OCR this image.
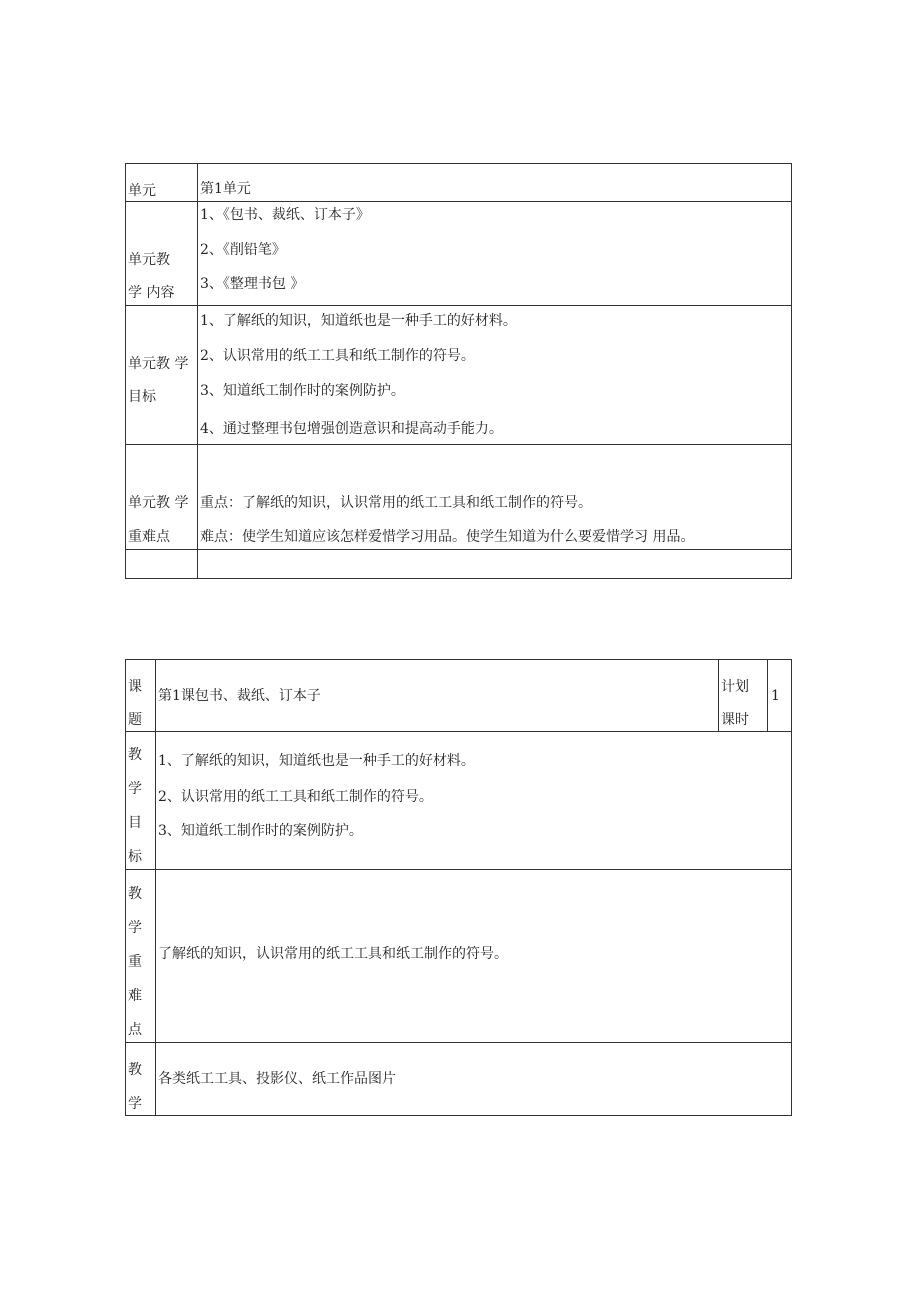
单元	第1单元
单元教
学 内容
1、《包书、裁纸、订本子》
2、《削铅笔》
3、《整理书包 》
单元教 学
目标
1、了解纸的知识，知道纸也是一种手工的好材料。
2、认识常用的纸工工具和纸工制作的符号。
3、知道纸工制作时的案例防护。
4、通过整理书包增强创造意识和提高动手能力。
单元教 学
重难点
重点：了解纸的知识，认识常用的纸工工具和纸工制作的符号。
难点：使学生知道应该怎样爱惜学习用品。使学生知道为什么要爱惜学习 用品。
课
题
第1课包书、裁纸、订本子
计划
课时
1
教
学
目
标
1、了解纸的知识，知道纸也是一种手工的好材料。
2、认识常用的纸工工具和纸工制作的符号。
3、知道纸工制作时的案例防护。
教
学
重
难
点
了解纸的知识，认识常用的纸工工具和纸工制作的符号。
教
学
各类纸工工具、投影仪、纸工作品图片
